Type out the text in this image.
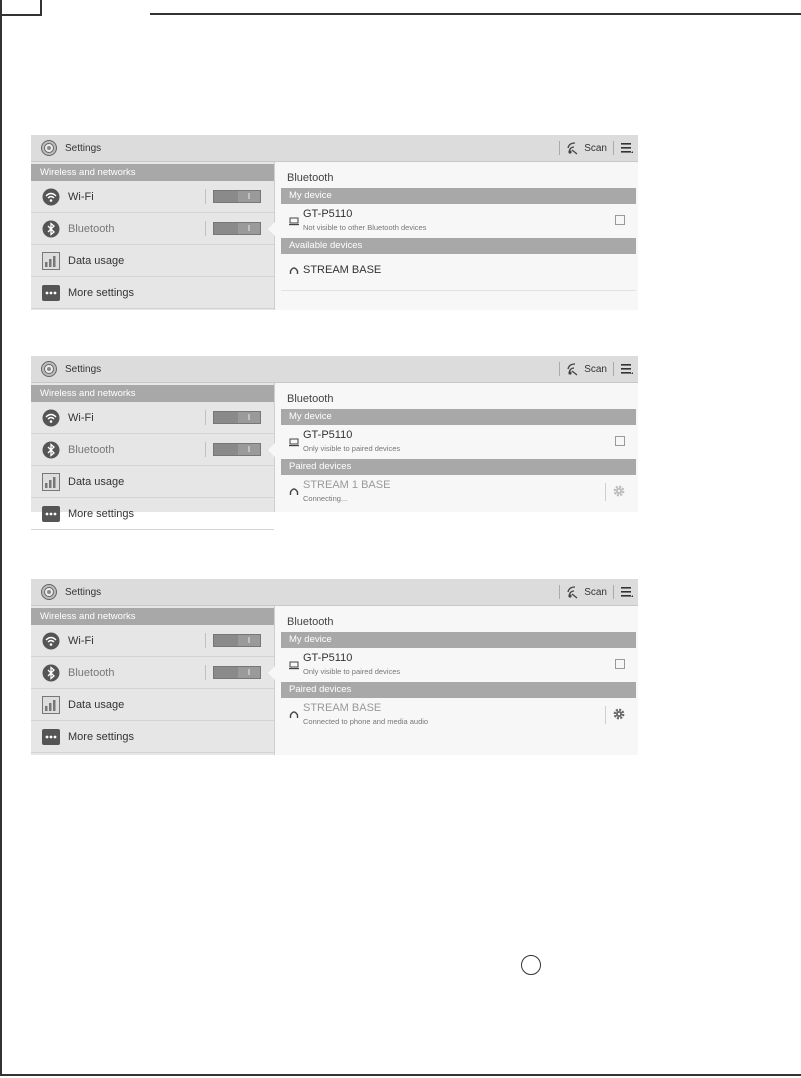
Settings	Scan
Wireless and networks
Wi-Fi	I
Bluetooth	I
Data usage
More settings
Bluetooth
My device
GT-P5110
Not visible to other Bluetooth devices
Available devices
STREAM BASE
Settings	Scan
Wireless and networks
Wi-Fi	I
Bluetooth	I
Data usage
More settings
Bluetooth
My device
GT-P5110
Only visible to paired devices
Paired devices
STREAM 1 BASE
Connecting...
Settings	Scan
Wireless and networks
Wi-Fi	I
Bluetooth	I
Data usage
More settings
Bluetooth
My device
GT-P5110
Only visible to paired devices
Paired devices
STREAM BASE
Connected to phone and media audio
